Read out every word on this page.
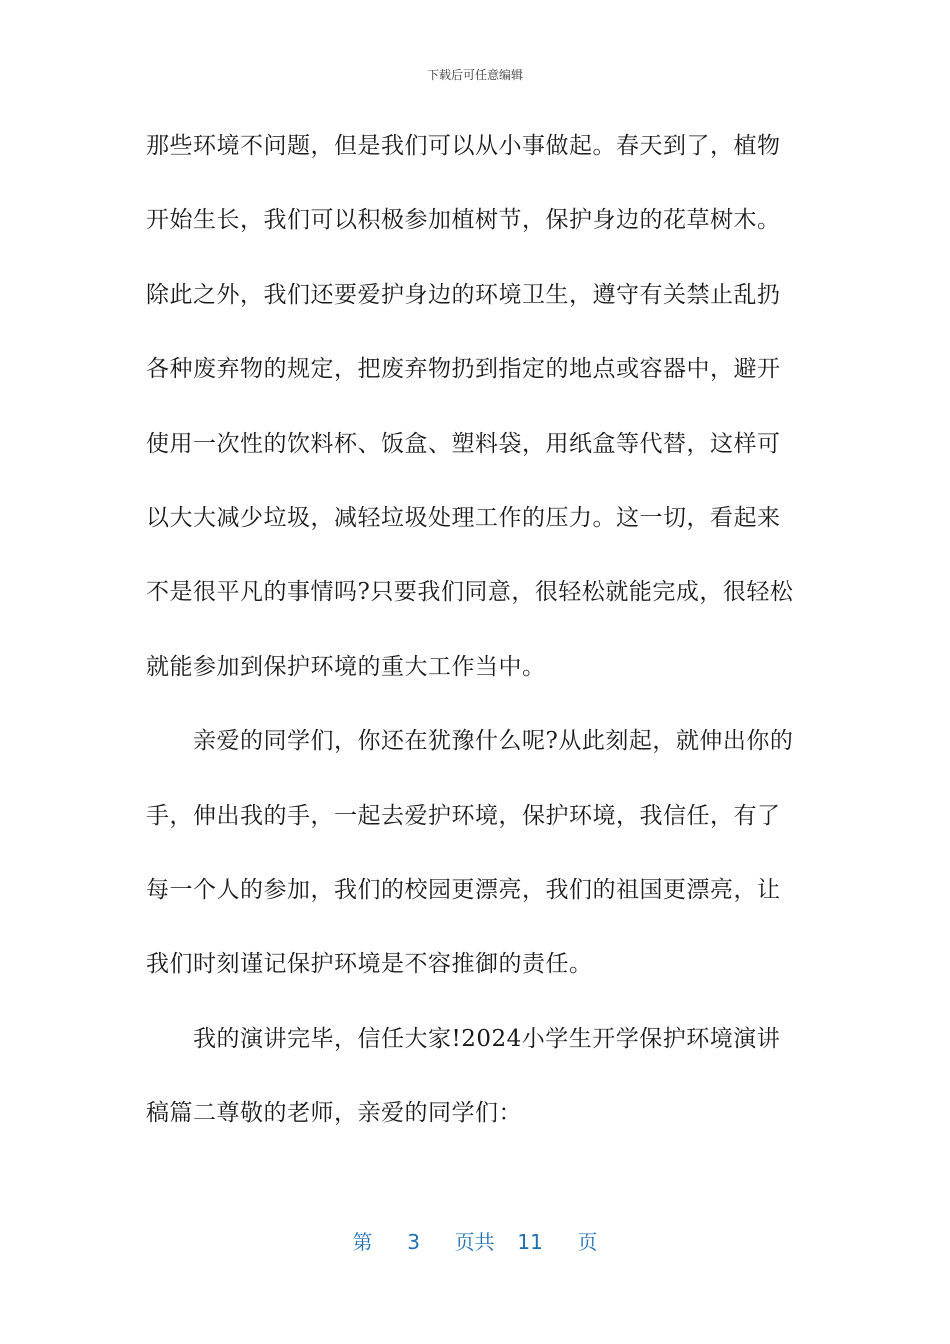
下载后可任意编辑
那些环境不问题，但是我们可以从小事做起。春天到了，植物
开始生长，我们可以积极参加植树节，保护身边的花草树木。
除此之外，我们还要爱护身边的环境卫生，遵守有关禁止乱扔
各种废弃物的规定，把废弃物扔到指定的地点或容器中，避开
使用一次性的饮料杯、饭盒、塑料袋，用纸盒等代替，这样可
以大大减少垃圾，减轻垃圾处理工作的压力。这一切，看起来
不是很平凡的事情吗?只要我们同意，很轻松就能完成，很轻松
就能参加到保护环境的重大工作当中。
亲爱的同学们，你还在犹豫什么呢?从此刻起，就伸出你的
手，伸出我的手，一起去爱护环境，保护环境，我信任，有了
每一个人的参加，我们的校园更漂亮，我们的祖国更漂亮，让
我们时刻谨记保护环境是不容推御的责任。
我的演讲完毕，信任大家!2024小学生开学保护环境演讲
稿篇二尊敬的老师，亲爱的同学们：
第 3 页共 11 页
